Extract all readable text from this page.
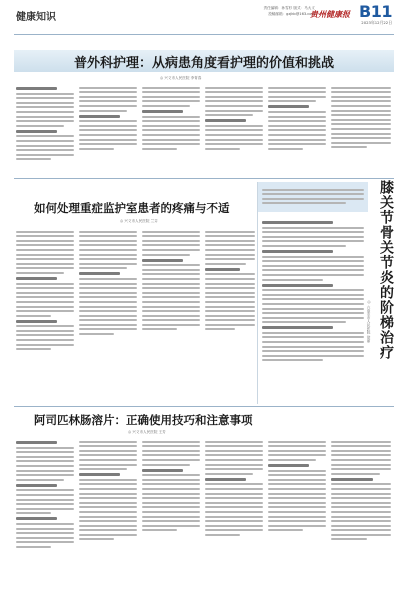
健康知识
责任编辑：孙雪杉 版式：马大义
投稿邮箱：gzjkb@163.com
贵州健康报 B11
2023年12月22日
普外科护理：从病患角度看护理的价值和挑战
◎ 兴义市人民医院 李青春
如何处理重症监护室患者的疼痛与不适
◎ 兴义市人民医院 兰芬	膝关节骨关节炎的阶梯治疗
◎ 六盘水市人民医院 徐丽
阿司匹林肠溶片：正确使用技巧和注意事项
◎ 兴义市人民医院 王芳
